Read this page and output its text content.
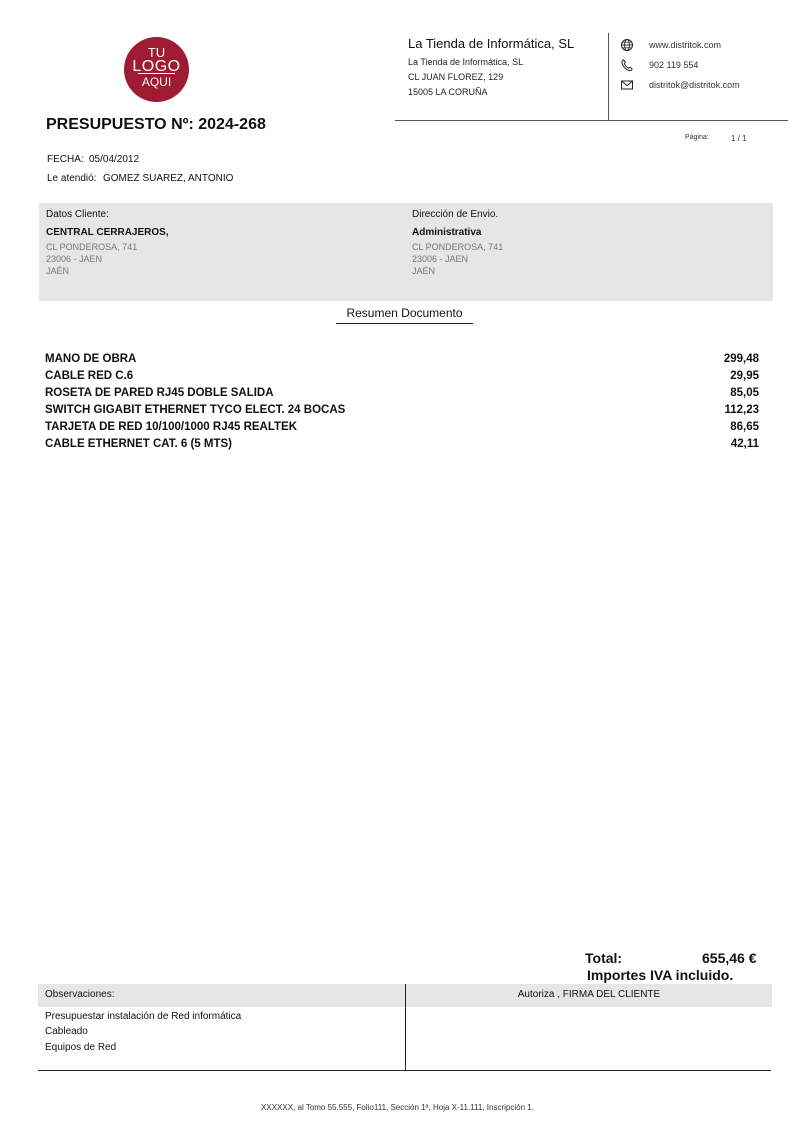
TU
LOGO
AQUI
La Tienda de Informática, SL
La Tienda de Informática, SL
CL JUAN FLOREZ, 129
15005 LA CORUÑA
www.distritok.com
902 119 554
distritok@distritok.com
PRESUPUESTO Nº: 2024-268
Página:	1 / 1
FECHA: 05/04/2012
Le atendió: GOMEZ SUAREZ, ANTONIO
Datos Cliente:
CENTRAL CERRAJEROS,
CL PONDEROSA, 741
23006 - JAEN
JAÉN
Dirección de Envio.
Administrativa
CL PONDEROSA, 741
23006 - JAEN
JAÉN
Resumen Documento
MANO DE OBRA	299,48
CABLE RED C.6	29,95
ROSETA DE PARED RJ45 DOBLE SALIDA	85,05
SWITCH GIGABIT ETHERNET TYCO ELECT. 24 BOCAS	112,23
TARJETA DE RED 10/100/1000 RJ45 REALTEK	86,65
CABLE ETHERNET CAT. 6 (5 MTS)	42,11
Total:	655,46 €
Importes IVA incluido.
Observaciones:	Autoriza , FIRMA DEL CLIENTE
Presupuestar instalación de Red informática
Cableado
Equipos de Red
XXXXXX, al Tomo 55.555, Folio111, Sección 1ª, Hoja X-11.111, Inscripción 1.
